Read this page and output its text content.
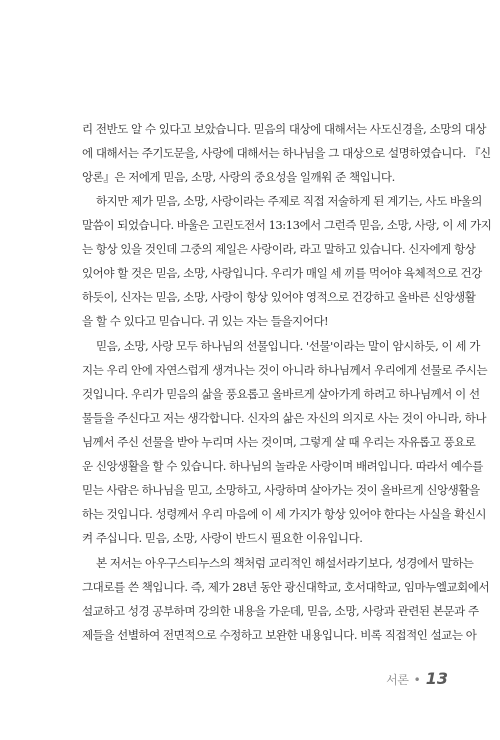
리 전반도 알 수 있다고 보았습니다. 믿음의 대상에 대해서는 사도신경을, 소망의 대상
에 대해서는 주기도문을, 사랑에 대해서는 하나님을 그 대상으로 설명하였습니다. 『신
앙론』은 저에게 믿음, 소망, 사랑의 중요성을 일깨워 준 책입니다.
하지만 제가 믿음, 소망, 사랑이라는 주제로 직접 저술하게 된 계기는, 사도 바울의
말씀이 되었습니다. 바울은 고린도전서 13:13에서 그런즉 믿음, 소망, 사랑, 이 세 가지
는 항상 있을 것인데 그중의 제일은 사랑이라, 라고 말하고 있습니다. 신자에게 항상
있어야 할 것은 믿음, 소망, 사랑입니다. 우리가 매일 세 끼를 먹어야 육체적으로 건강
하듯이, 신자는 믿음, 소망, 사랑이 항상 있어야 영적으로 건강하고 올바른 신앙생활
을 할 수 있다고 믿습니다. 귀 있는 자는 들을지어다!
믿음, 소망, 사랑 모두 하나님의 선물입니다. '선물'이라는 말이 암시하듯, 이 세 가
지는 우리 안에 자연스럽게 생겨나는 것이 아니라 하나님께서 우리에게 선물로 주시는
것입니다. 우리가 믿음의 삶을 풍요롭고 올바르게 살아가게 하려고 하나님께서 이 선
물들을 주신다고 저는 생각합니다. 신자의 삶은 자신의 의지로 사는 것이 아니라, 하나
님께서 주신 선물을 받아 누리며 사는 것이며, 그렇게 살 때 우리는 자유롭고 풍요로
운 신앙생활을 할 수 있습니다. 하나님의 놀라운 사랑이며 배려입니다. 따라서 예수를
믿는 사람은 하나님을 믿고, 소망하고, 사랑하며 살아가는 것이 올바르게 신앙생활을
하는 것입니다. 성령께서 우리 마음에 이 세 가지가 항상 있어야 한다는 사실을 확신시
켜 주십니다. 믿음, 소망, 사랑이 반드시 필요한 이유입니다.
본 저서는 아우구스티누스의 책처럼 교리적인 해설서라기보다, 성경에서 말하는
그대로를 쓴 책입니다. 즉, 제가 28년 동안 광신대학교, 호서대학교, 임마누엘교회에서
설교하고 성경 공부하며 강의한 내용을 가운데, 믿음, 소망, 사랑과 관련된 본문과 주
제들을 선별하여 전면적으로 수정하고 보완한 내용입니다. 비록 직접적인 설교는 아
서론 • 13
